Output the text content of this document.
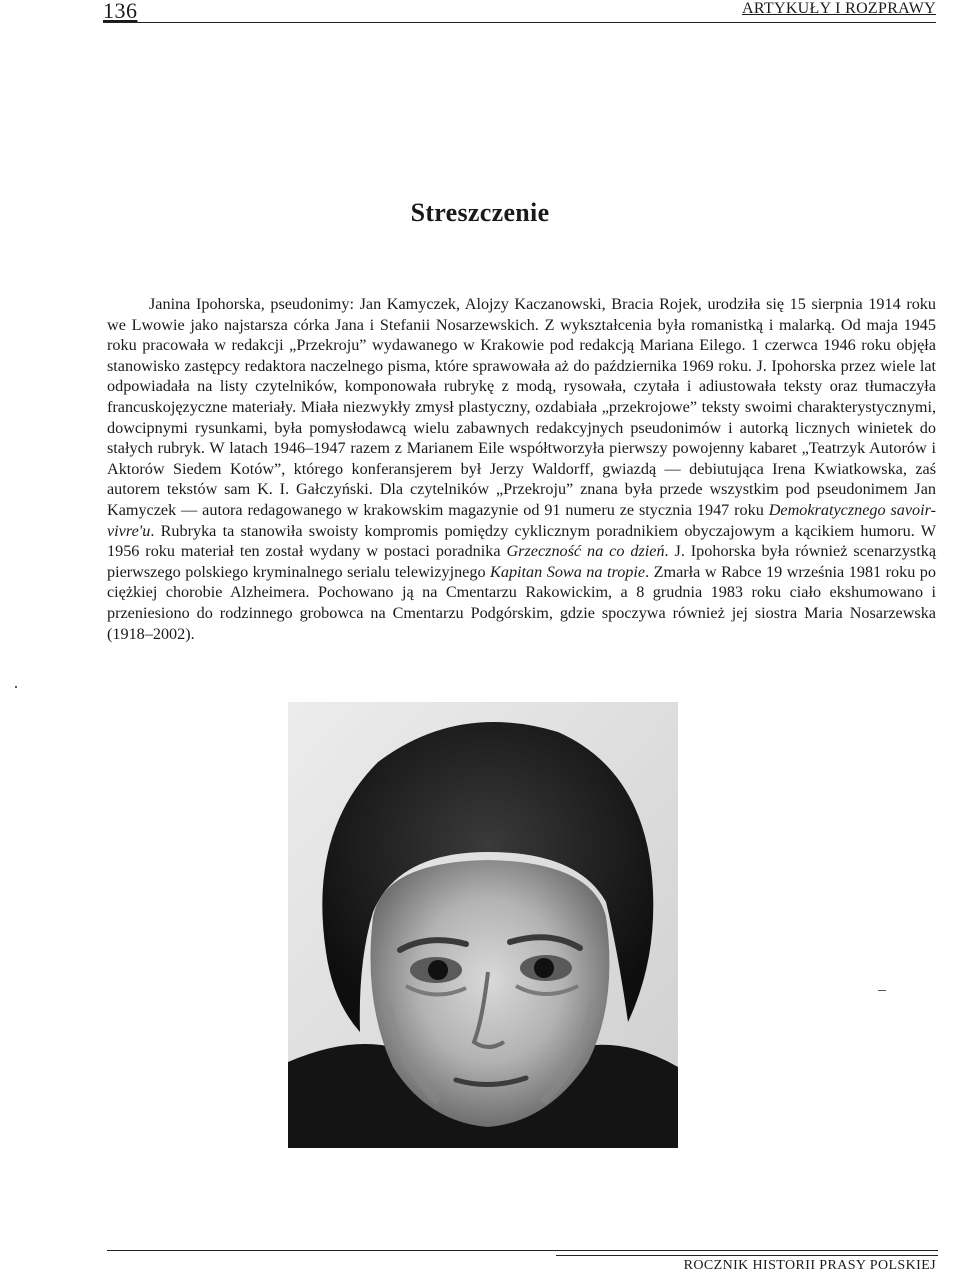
136	ARTYKUŁY I ROZPRAWY
Streszczenie

Janina Ipohorska, pseudonimy: Jan Kamyczek, Alojzy Kaczanowski, Bracia Rojek, urodziła się 15 sierpnia 1914 roku we Lwowie jako najstarsza córka Jana i Stefanii Nosarzewskich. Z wykształcenia była romanistką i malarką. Od maja 1945 roku pracowała w redakcji „Przekroju” wydawanego w Krakowie pod redakcją Mariana Eilego. 1 czerwca 1946 roku objęła stanowisko zastępcy redaktora naczelnego pisma, które sprawowała aż do października 1969 roku. J. Ipohorska przez wiele lat odpowiadała na listy czytelników, komponowała rubrykę z modą, rysowała, czytała i adiustowała teksty oraz tłumaczyła francuskojęzyczne materiały. Miała niezwykły zmysł plastyczny, ozdabiała „przekrojowe” teksty swoimi charakterystycznymi, dowcipnymi rysunkami, była pomysłodawcą wielu zabawnych redakcyjnych pseudonimów i autorką licznych winietek do stałych rubryk. W latach 1946–1947 razem z Marianem Eile współtworzyła pierwszy powojenny kabaret „Teatrzyk Autorów i Aktorów Siedem Kotów”, którego konferansjerem był Jerzy Waldorff, gwiazdą — debiutująca Irena Kwiatkowska, zaś autorem tekstów sam K. I. Gałczyński. Dla czytelników „Przekroju” znana była przede wszystkim pod pseudonimem Jan Kamyczek — autora redagowanego w krakowskim magazynie od 91 numeru ze stycznia 1947 roku Demokratycznego savoir-vivre'u. Rubryka ta stanowiła swoisty kompromis pomiędzy cyklicznym poradnikiem obyczajowym a kącikiem humoru. W 1956 roku materiał ten został wydany w postaci poradnika Grzeczność na co dzień. J. Ipohorska była również scenarzystką pierwszego polskiego kryminalnego serialu telewizyjnego Kapitan Sowa na tropie. Zmarła w Rabce 19 września 1981 roku po ciężkiej chorobie Alzheimera. Pochowano ją na Cmentarzu Rakowickim, a 8 grudnia 1983 roku ciało ekshumowano i przeniesiono do rodzinnego grobowca na Cmentarzu Podgórskim, gdzie spoczywa również jej siostra Maria Nosarzewska (1918–2002).

ROCZNIK HISTORII PRASY POLSKIEJ
